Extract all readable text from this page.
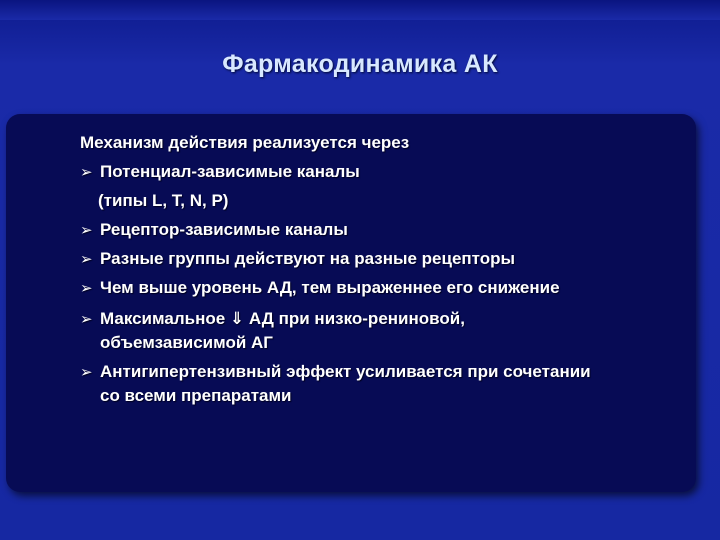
Фармакодинамика АК
Механизм действия реализуется через
➢ Потенциал-зависимые каналы
(типы L, T, N, P)
➢ Рецептор-зависимые каналы
➢ Разные группы действуют на разные рецепторы
➢ Чем выше уровень АД, тем выраженнее его снижение
➢ Максимальное ⇓ АД при низко-рениновой,
объемзависимой АГ
➢ Антигипертензивный эффект усиливается при сочетании
со всеми препаратами
